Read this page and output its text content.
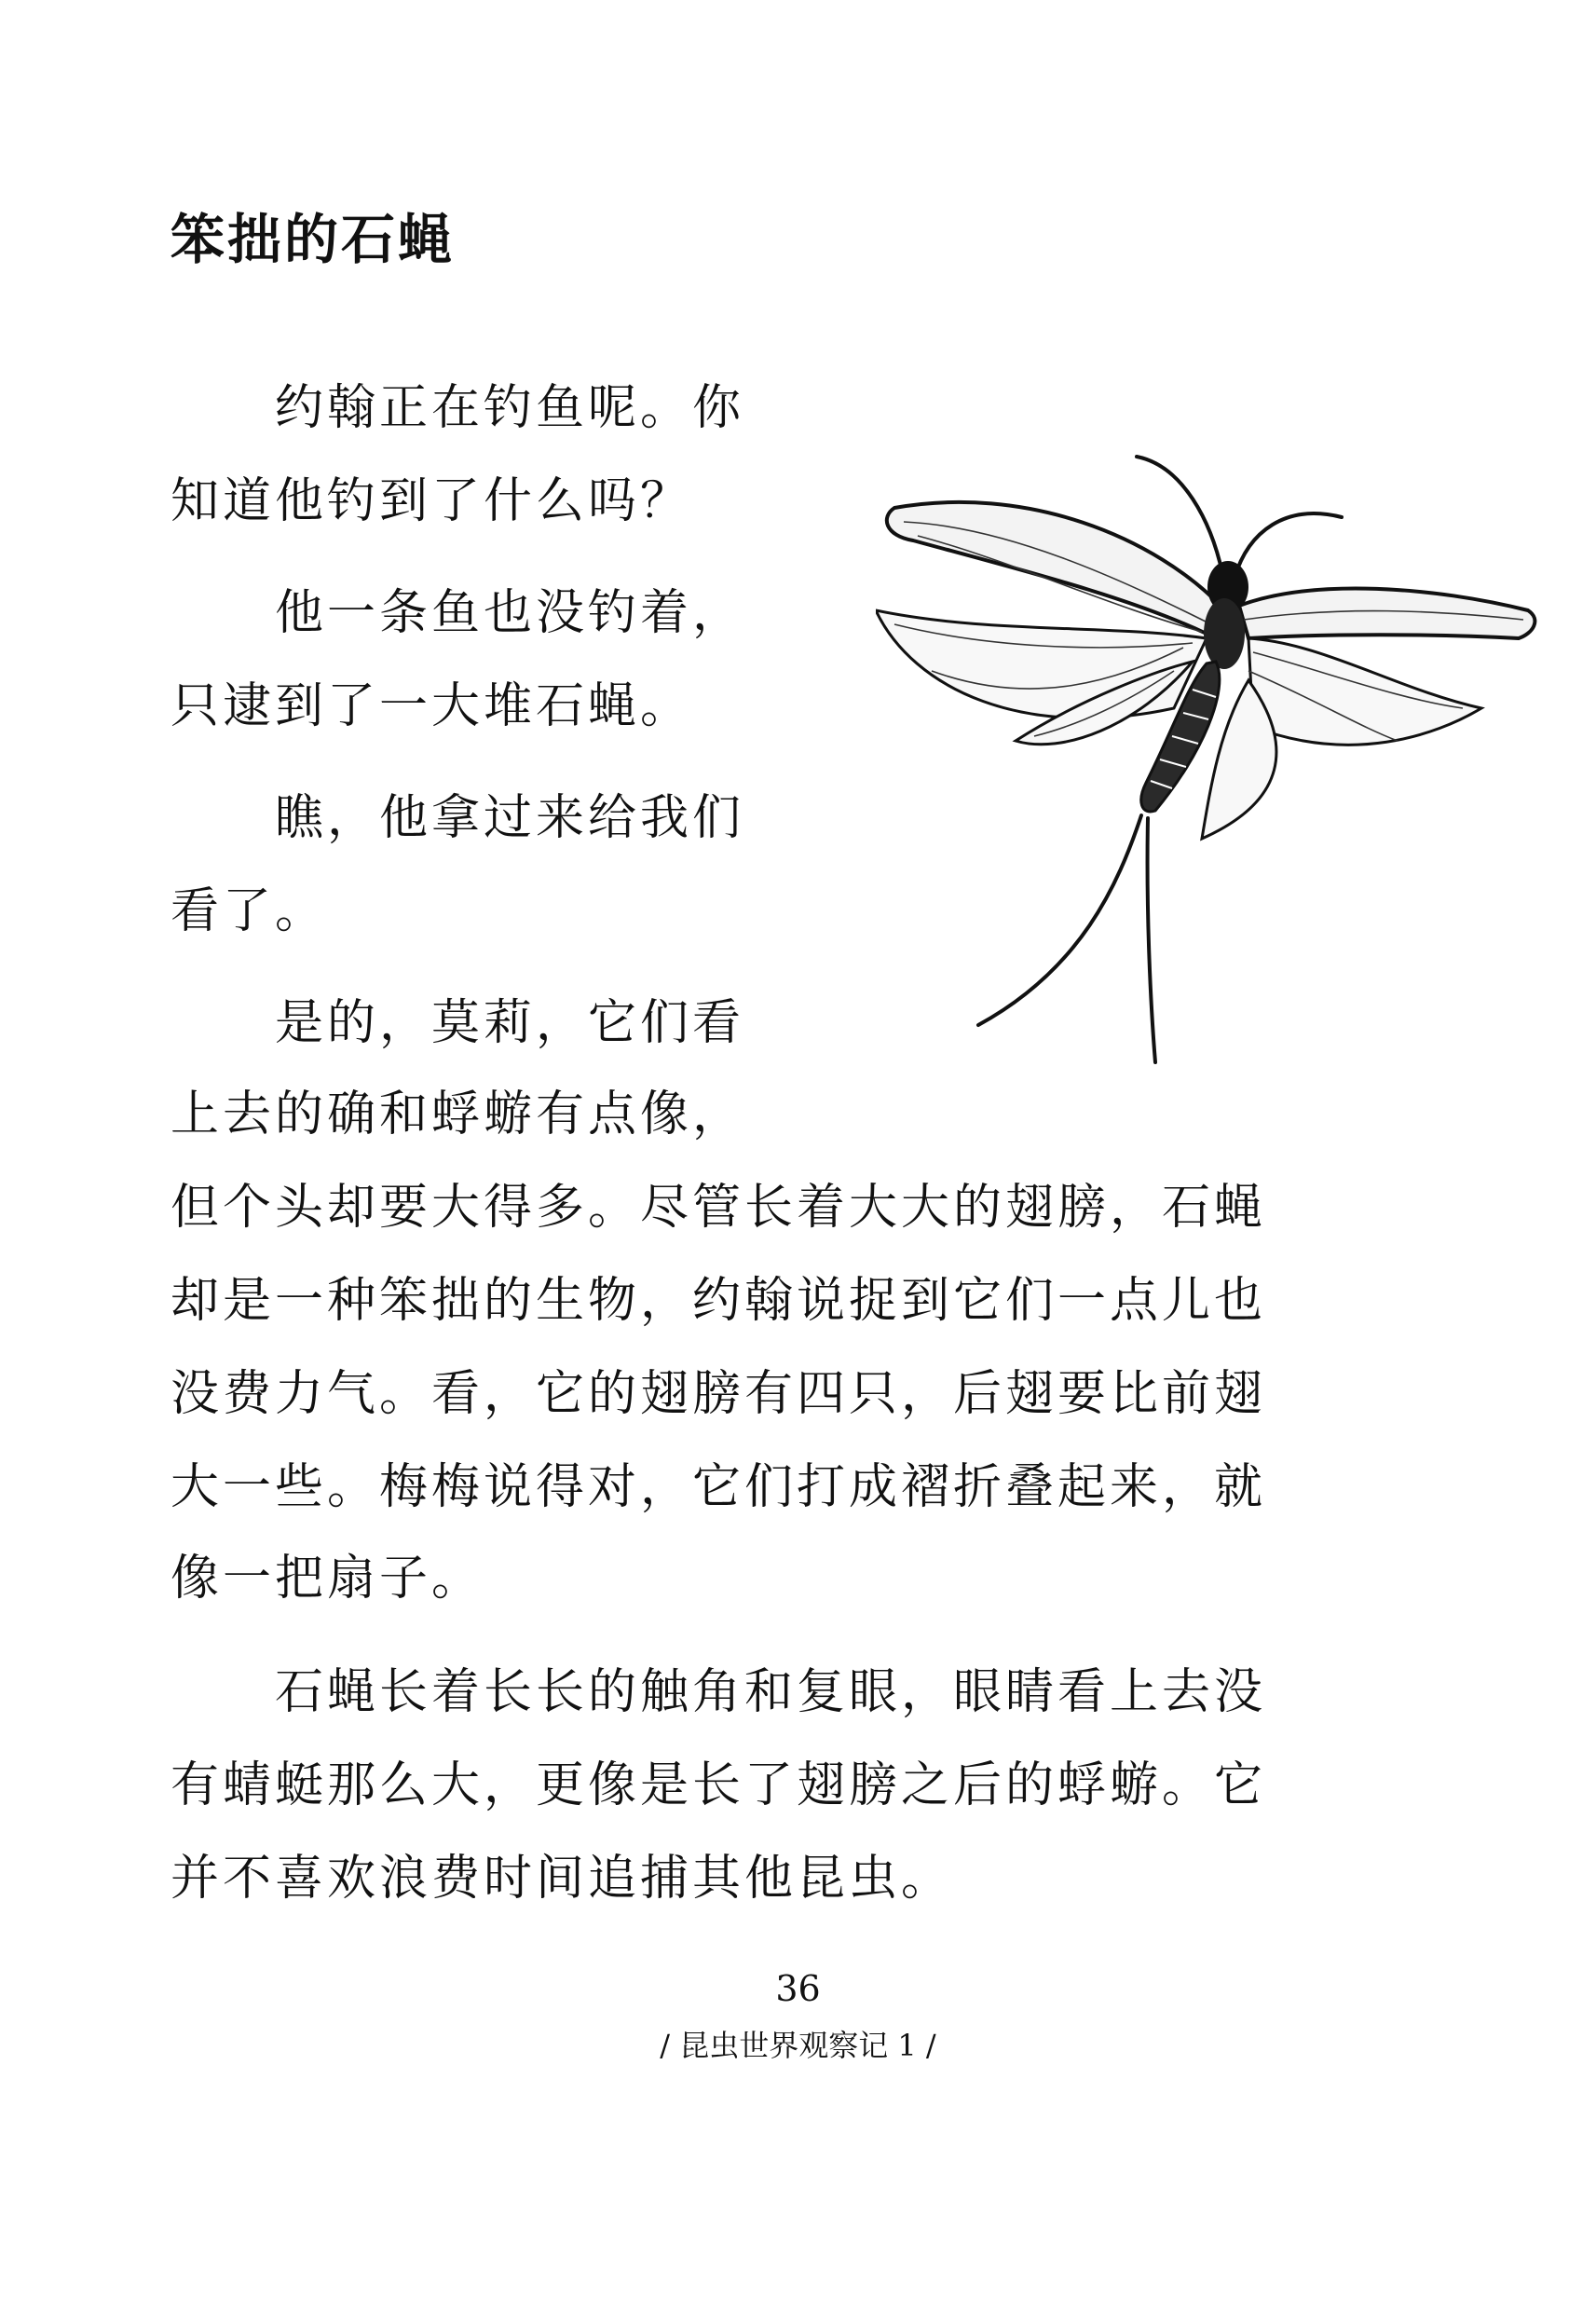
笨拙的石蝇
　　约翰正在钓鱼呢。你
知道他钓到了什么吗？
　　他一条鱼也没钓着，
只逮到了一大堆石蝇。
　　瞧，他拿过来给我们
看了。
　　是的，莫莉，它们看
上去的确和蜉蝣有点像，
但个头却要大得多。尽管长着大大的翅膀，石蝇
却是一种笨拙的生物，约翰说捉到它们一点儿也
没费力气。看，它的翅膀有四只，后翅要比前翅
大一些。梅梅说得对，它们打成褶折叠起来，就
像一把扇子。
　　石蝇长着长长的触角和复眼，眼睛看上去没
有蜻蜓那么大，更像是长了翅膀之后的蜉蝣。它
并不喜欢浪费时间追捕其他昆虫。
36
/ 昆虫世界观察记 1 /
